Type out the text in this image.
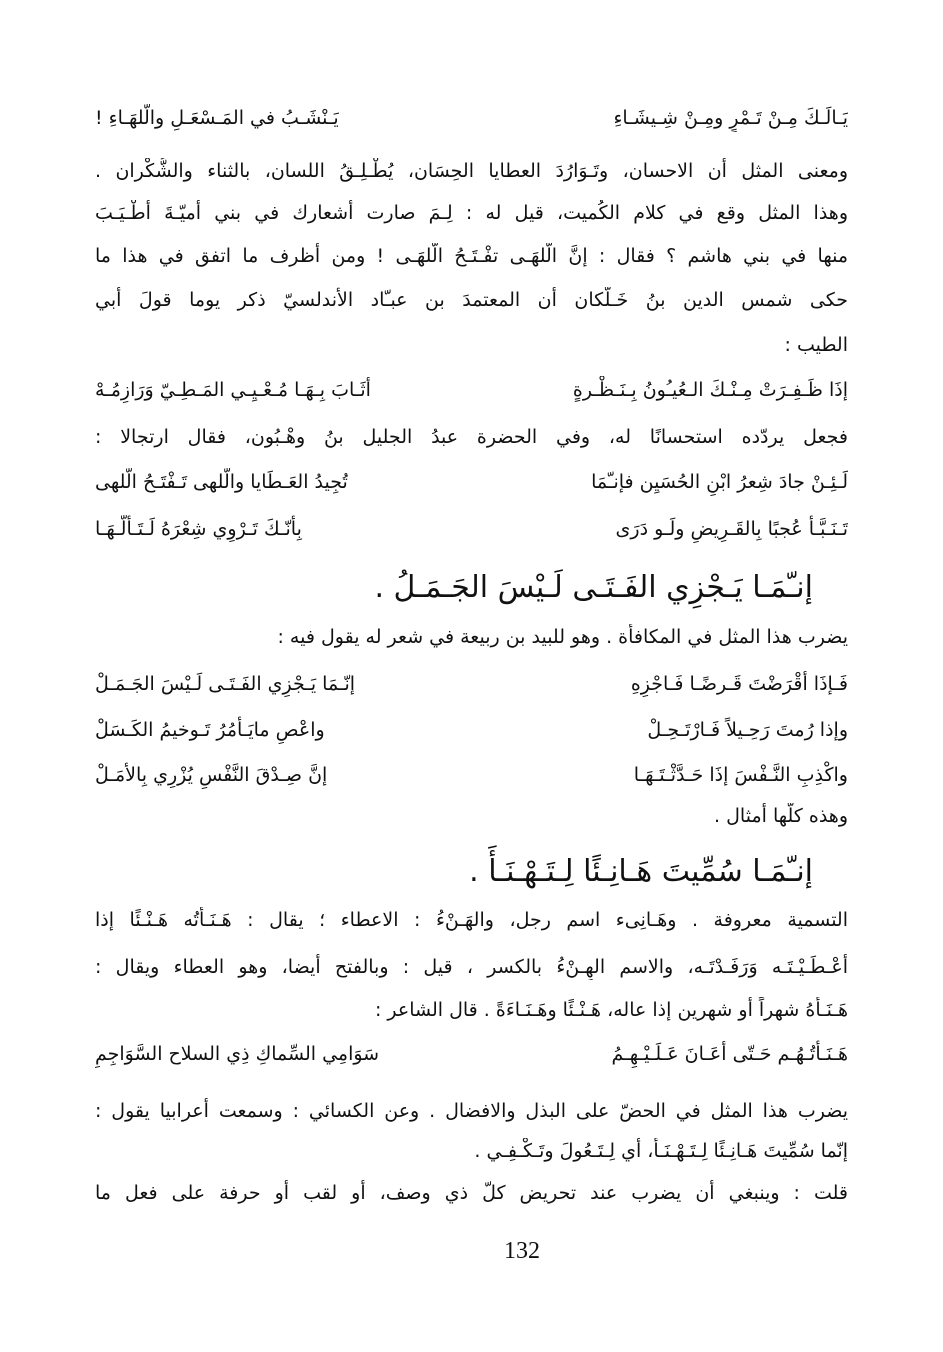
يَـالَـكَ مِـنْ تَـمْرٍ ومِـنْ شِـيشَـاءِ
يَـنْشَـبُ في المَـسْعَـلِ والّلهَـاءِ !
ومعنى المثل أن الاحسان، وتَـوَارُدَ العطايا الحِسَان، يُطْـلِـقُ اللسان، بالثناء والشُّكْران .
وهذا المثل وقع في كلام الكُميت، قيل له : لِـمَ صارت أشعارك في بني أميّـةَ أطْـيَـبَ
منها في بني هاشم ؟ فقال : إنَّ الّلهَـى تفْـتَـحُ الّلهَـى ! ومن أظرف ما اتفق في هذا ما
حكى شمس الدين بنُ خَـلّكان أن المعتمدَ بن عبـّاد الأندلسيّ ذكر يوما قولَ أبي
الطيب :
إذَا ظَـفِـرَتْ مِـنْـكَ الـعُيـُونُ بِـنَـظْـرةٍ
أثَـابَ بِـهَـا مُـعْـيِـي المَـطِـيّ وَرَازِمُـهْ
فجعل يردّده استحسانًا له، وفي الحضرة عبدُ الجليل بنُ وهْـبُون، فقال ارتجالا :
لَـئِـنْ جادَ شِعرُ ابْنِ الحُسَيِن فإنـّمَا
تُجِيدُ العَـطَايا والّلهى تَـفْتَـحُ الّلهى
تَـنَـبَّـأَ عُجبًا بِالقَـرِيضِ ولَـو دَرَى
بِأنّـكَ تَـرْوِي شِعْرَهُ لَـتَـألّـهَـا
إنـّمَـا يَـجْزِي الفَـتَـى لَـيْسَ الجَـمَـلُ .
يضرب هذا المثل في المكافأة . وهو للبيد بن ربيعة في شعر له يقول فيه :
فَـإذَا أقْرَضْتَ قَـرضًـا فَـاجْزِهِ
إنّـمَا يَـجْزِي الفَـتَـى لَـيْسَ الجَـمَـلْ
وإذا رُمتَ رَحِـيلاً فَـارْتَـحِـلْ
واعْصِ مايَـأمُرُ تَـوخيمُ الكَـسَلْ
واكْذِبِ النَّـفْسَ إذَا حَـدَّثْـتَـهَـا
إنَّ صِـدْقَ النَّفْسِ يُزْرِي بِالأمَـلْ
وهذه كلّها أمثال .
إنـّمَـا سُمِّيتَ هَـانِـئًا لِـتَـهْـنَـأَ .
التسمية معروفة . وهَـانِىء اسم رجل، والهَـنْءُ : الاعطاء ؛ يقال : هَـنَـأتُه هَـنْـئًا إذا
أعْـطَـيْـتَـه وَرَفَـدْتَـه، والاسم الهِـنْءُ بالكسر ، قيل : وبالفتح أيضا، وهو العطاء ويقال :
هَـنَـأهُ شهراً أو شهرين إذا عاله، هَـنْـئًا وهَـنَـاءَةً . قال الشاعر :
هَـنَـأتُـهُـم حَـتّى أعَـانَ عَـلَـيْـهِـمُ
سَوَامِي السِّماكِ ذِي السلاح السَّوَاجِمِ
يضرب هذا المثل في الحضّ على البذل والافضال . وعن الكسائي : وسمعت أعرابيا يقول :
إنّما سُمِّيتَ هَـانِـئًا لِـتَـهْـنَـأ، أي لِـتَـعُولَ وتَـكْـفِـي .
قلت : وينبغي أن يضرب عند تحريض كلّ ذي وصف، أو لقب أو حرفة على فعل ما
132
